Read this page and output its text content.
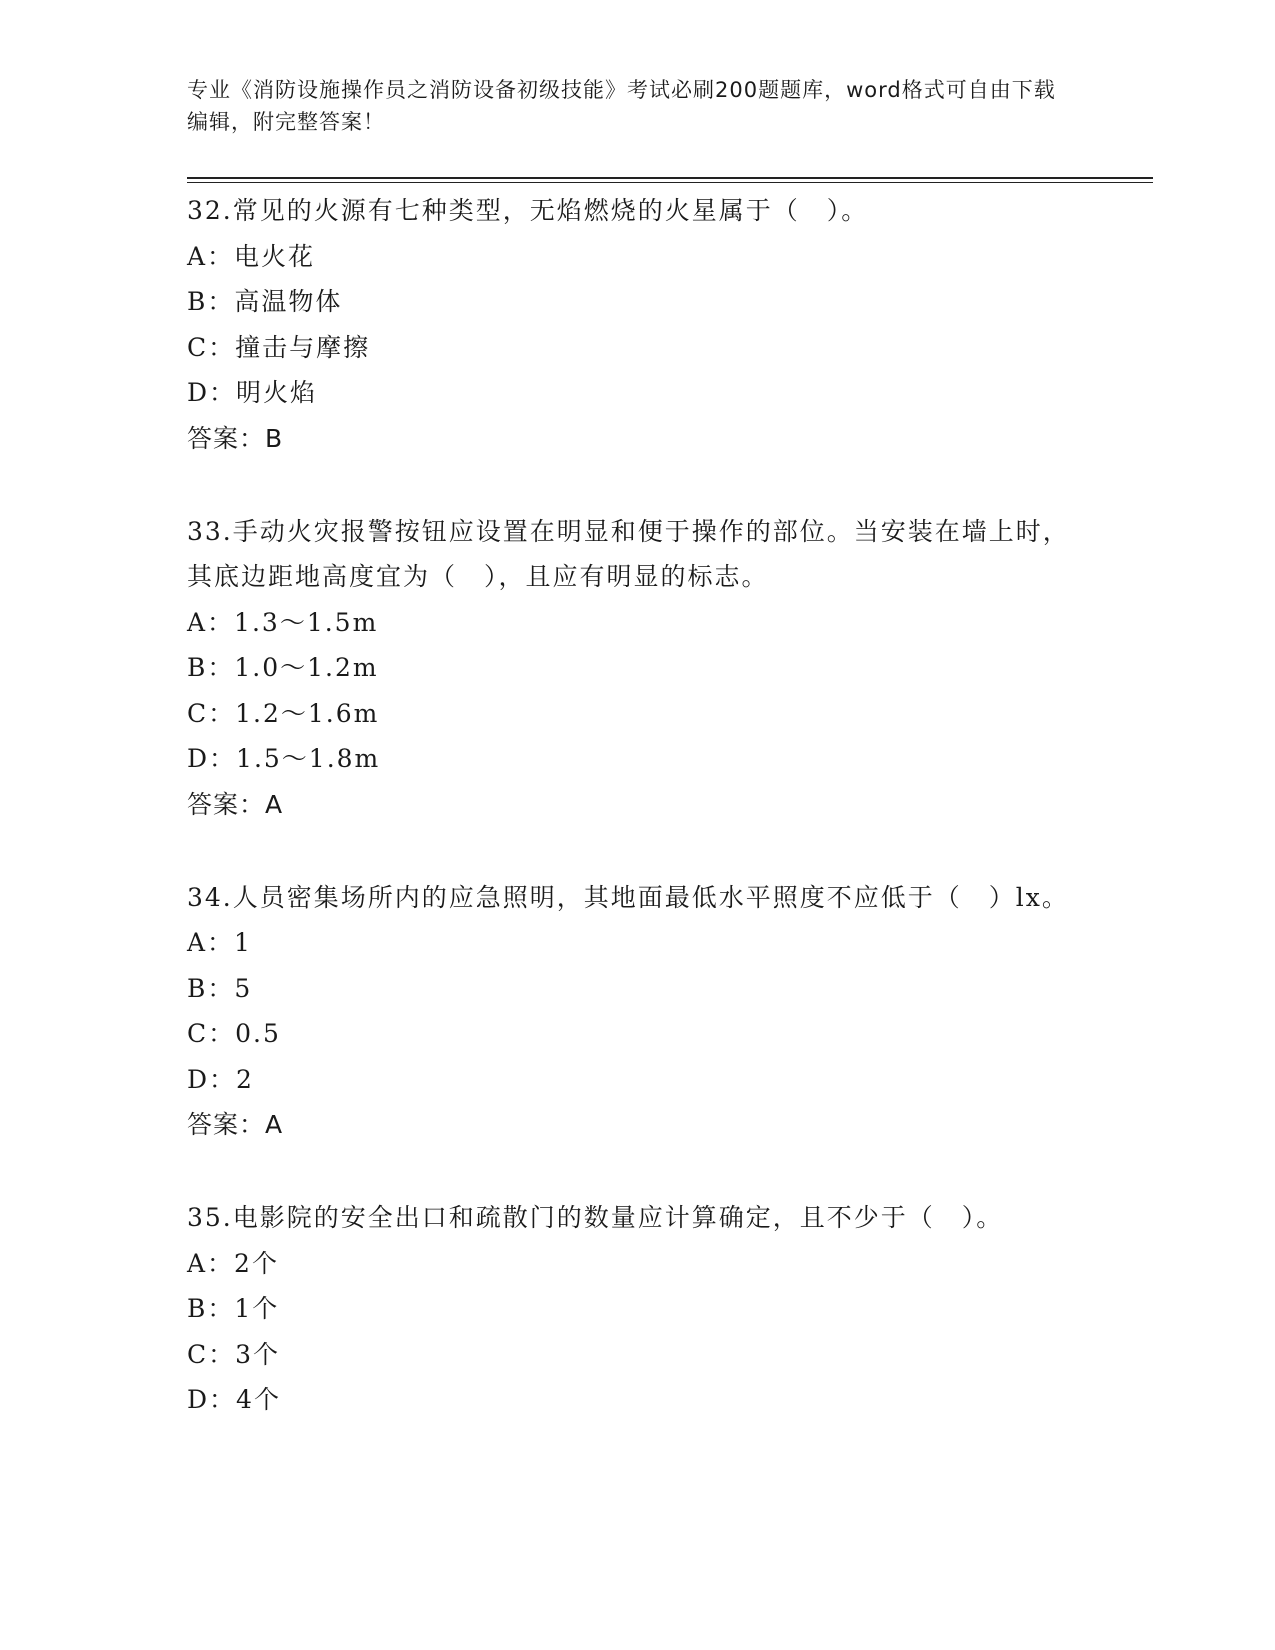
专业《消防设施操作员之消防设备初级技能》考试必刷200题题库，word格式可自由下载编辑，附完整答案！

32.常见的火源有七种类型，无焰燃烧的火星属于（　）。

A：电火花

B：高温物体

C：撞击与摩擦

D：明火焰

答案：B

33.手动火灾报警按钮应设置在明显和便于操作的部位。当安装在墙上时，其底边距地高度宜为（　），且应有明显的标志。

A：1.3～1.5m

B：1.0～1.2m

C：1.2～1.6m

D：1.5～1.8m

答案：A

34.人员密集场所内的应急照明，其地面最低水平照度不应低于（　）lx。

A：1

B：5

C：0.5

D：2

答案：A

35.电影院的安全出口和疏散门的数量应计算确定，且不少于（　）。

A：2个

B：1个

C：3个

D：4个
